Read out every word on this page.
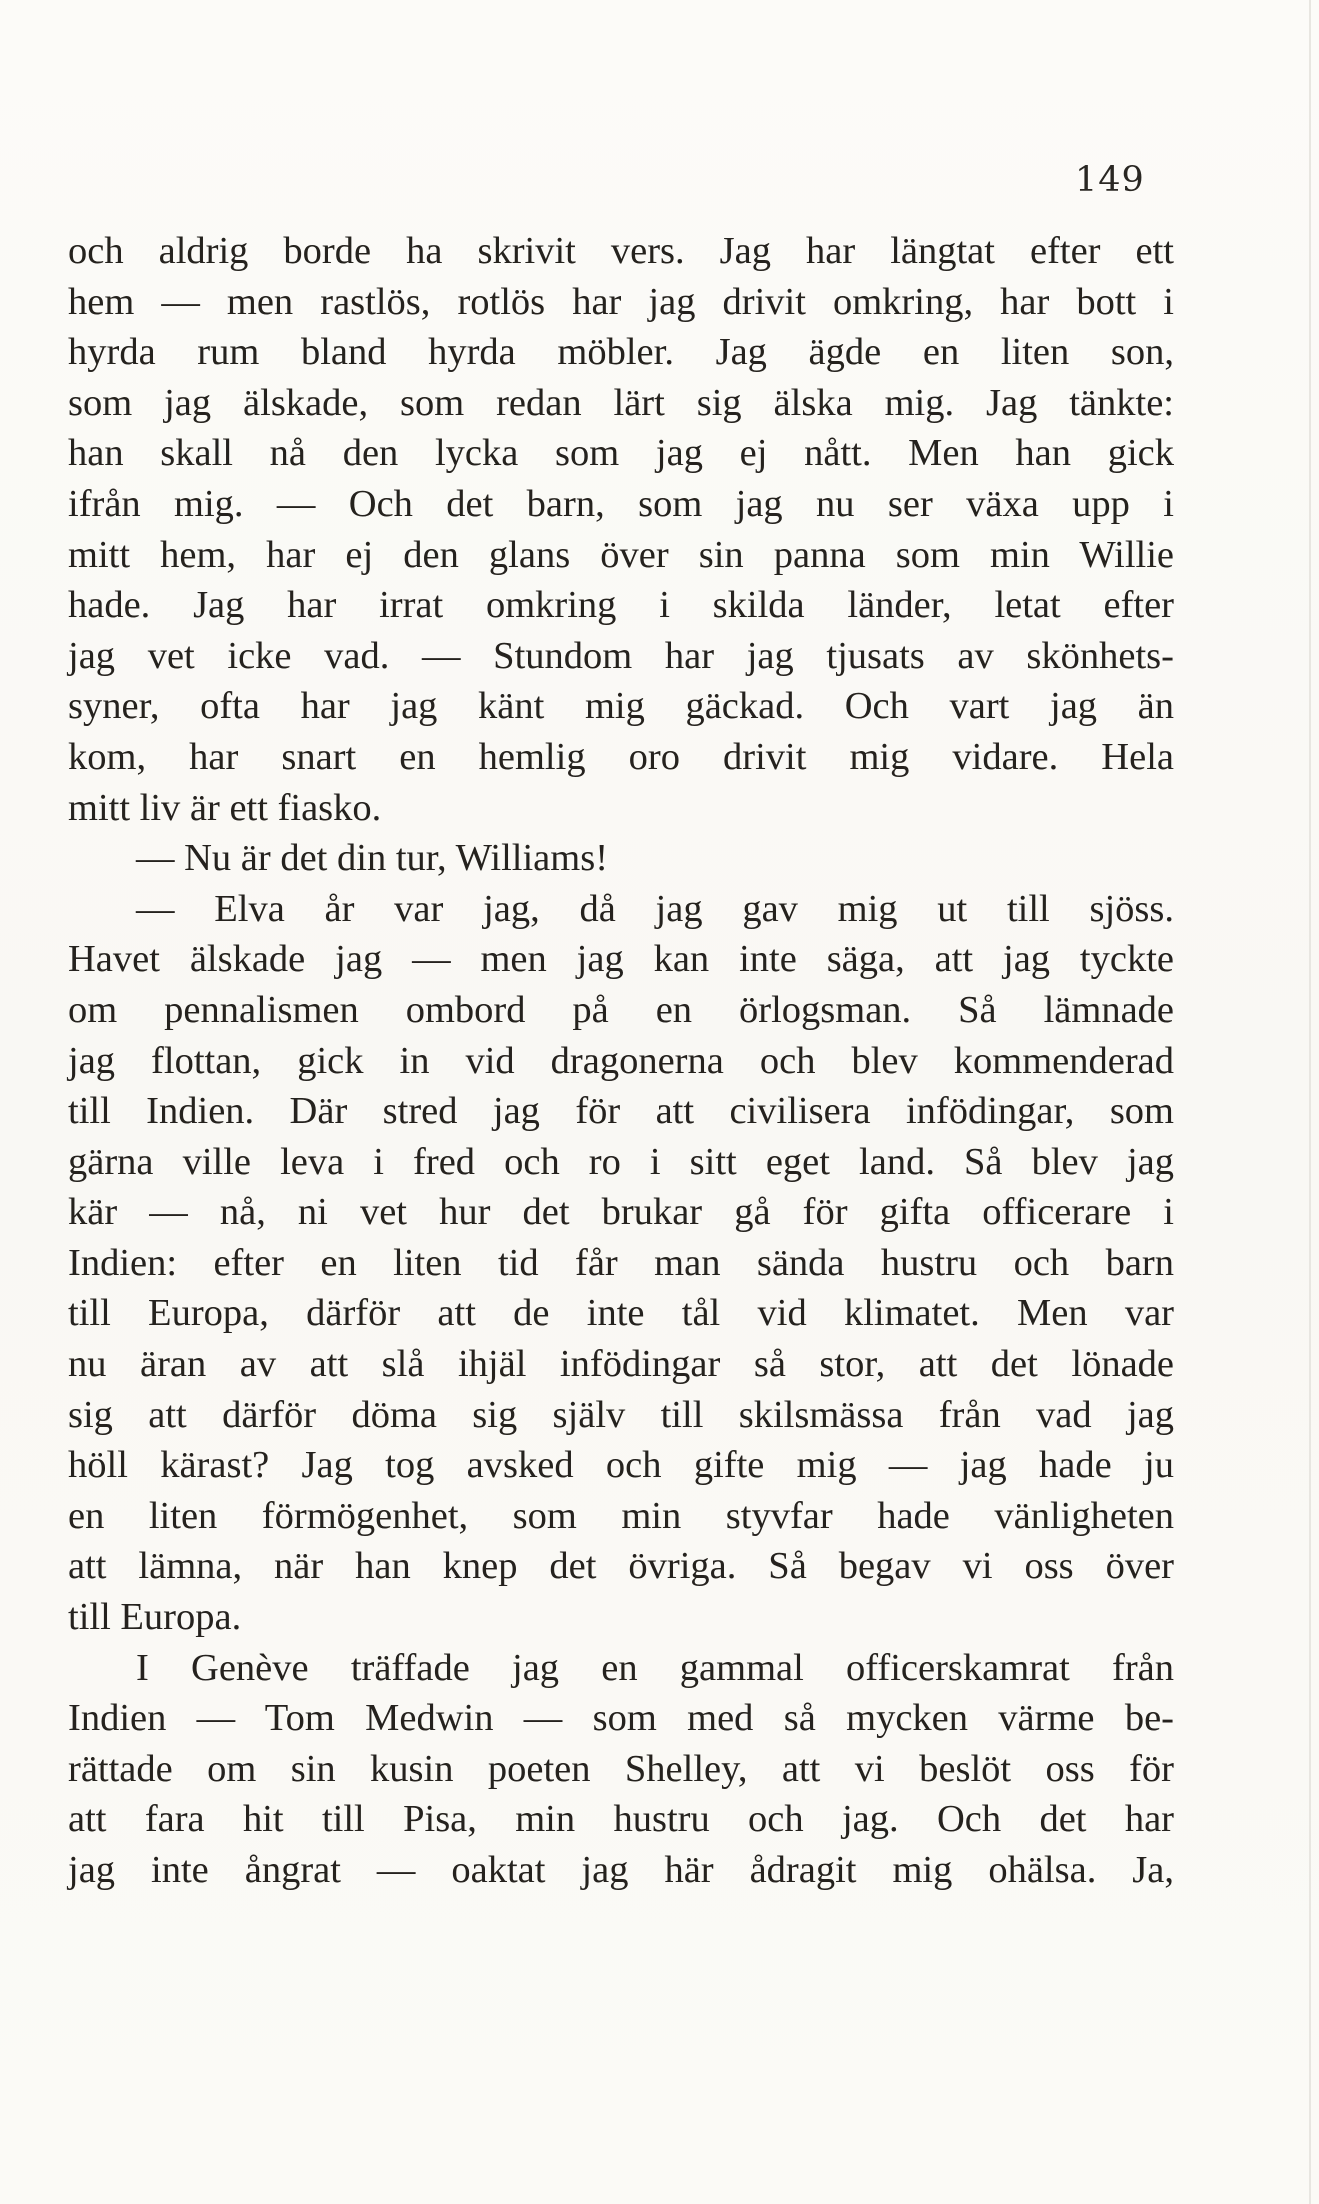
149
och aldrig borde ha skrivit vers. Jag har längtat efter ett
hem — men rastlös, rotlös har jag drivit omkring, har bott i
hyrda rum bland hyrda möbler. Jag ägde en liten son,
som jag älskade, som redan lärt sig älska mig. Jag tänkte:
han skall nå den lycka som jag ej nått. Men han gick
ifrån mig. — Och det barn, som jag nu ser växa upp i
mitt hem, har ej den glans över sin panna som min Willie
hade. Jag har irrat omkring i skilda länder, letat efter
jag vet icke vad. — Stundom har jag tjusats av skönhets-
syner, ofta har jag känt mig gäckad. Och vart jag än
kom, har snart en hemlig oro drivit mig vidare. Hela
mitt liv är ett fiasko.
— Nu är det din tur, Williams!
— Elva år var jag, då jag gav mig ut till sjöss.
Havet älskade jag — men jag kan inte säga, att jag tyckte
om pennalismen ombord på en örlogsman. Så lämnade
jag flottan, gick in vid dragonerna och blev kommenderad
till Indien. Där stred jag för att civilisera infödingar, som
gärna ville leva i fred och ro i sitt eget land. Så blev jag
kär — nå, ni vet hur det brukar gå för gifta officerare i
Indien: efter en liten tid får man sända hustru och barn
till Europa, därför att de inte tål vid klimatet. Men var
nu äran av att slå ihjäl infödingar så stor, att det lönade
sig att därför döma sig själv till skilsmässa från vad jag
höll kärast? Jag tog avsked och gifte mig — jag hade ju
en liten förmögenhet, som min styvfar hade vänligheten
att lämna, när han knep det övriga. Så begav vi oss över
till Europa.
I Genève träffade jag en gammal officerskamrat från
Indien — Tom Medwin — som med så mycken värme be-
rättade om sin kusin poeten Shelley, att vi beslöt oss för
att fara hit till Pisa, min hustru och jag. Och det har
jag inte ångrat — oaktat jag här ådragit mig ohälsa. Ja,
